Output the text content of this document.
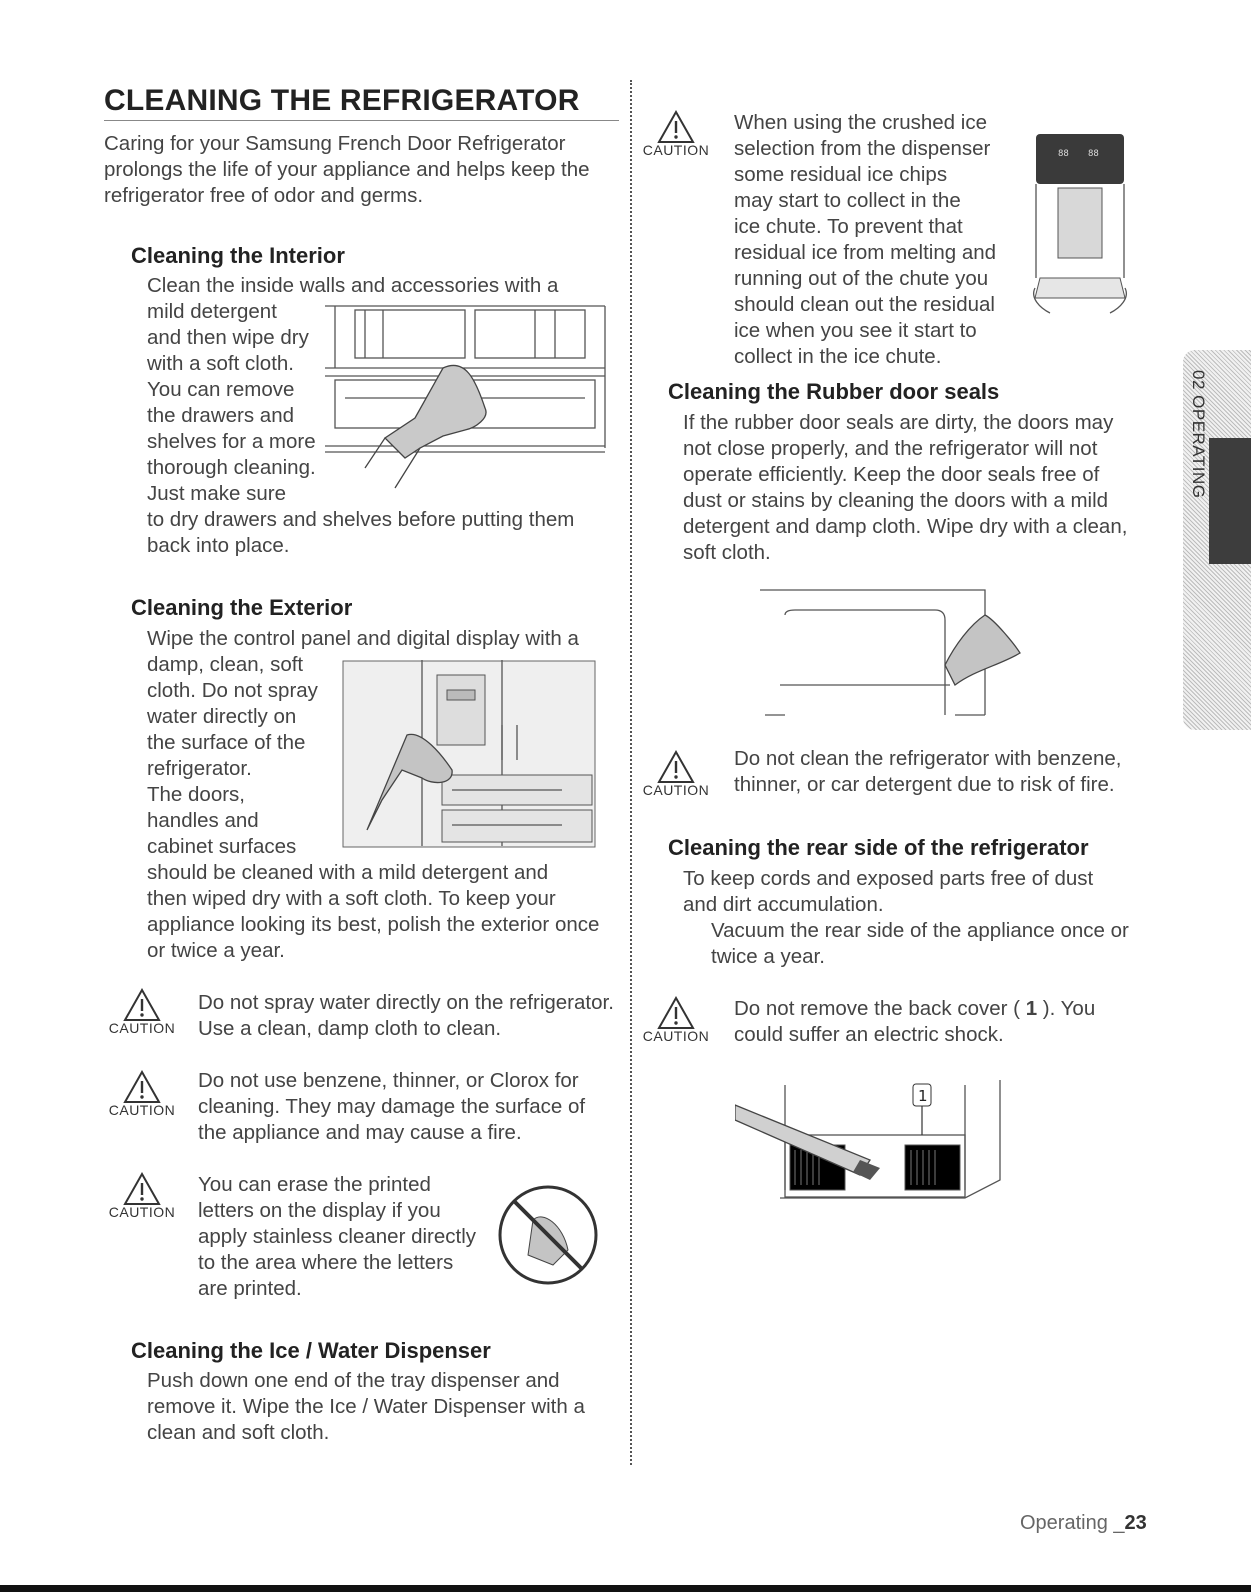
CLEANING THE REFRIGERATOR
Caring for your Samsung French Door Refrigerator
prolongs the life of your appliance and helps keep the
refrigerator free of odor and germs.
Cleaning the Interior
Clean the inside walls and accessories with a
mild detergent
and then wipe dry
with a soft cloth.
You can remove
the drawers and
shelves for a more
thorough cleaning.
Just make sure
to dry drawers and shelves before putting them
back into place.
Cleaning the Exterior
Wipe the control panel and digital display with a
damp, clean, soft
cloth. Do not spray
water directly on
the surface of the
refrigerator.
The doors,
handles and
cabinet surfaces
should be cleaned with a mild detergent and
then wiped dry with a soft cloth. To keep your
appliance looking its best, polish the exterior once
or twice a year.
CAUTION
Do not spray water directly on the refrigerator.
Use a clean, damp cloth to clean.
CAUTION
Do not use benzene, thinner, or Clorox for
cleaning. They may damage the surface of
the appliance and may cause a fire.
CAUTION
You can erase the printed
letters on the display if you
apply stainless cleaner directly
to the area where the letters
are printed.
Cleaning the Ice / Water Dispenser
Push down one end of the tray dispenser and
remove it. Wipe the Ice / Water Dispenser with a
clean and soft cloth.
CAUTION
When using the crushed ice
selection from the dispenser
some residual ice chips
may start to collect in the
ice chute. To prevent that
residual ice from melting and
running out of the chute you
should clean out the residual
ice when you see it start to
collect in the ice chute.
88 88
Cleaning the Rubber door seals
If the rubber door seals are dirty, the doors may
not close properly, and the refrigerator will not
operate efficiently. Keep the door seals free of
dust or stains by cleaning the doors with a mild
detergent and damp cloth. Wipe dry with a clean,
soft cloth.
CAUTION
Do not clean the refrigerator with benzene,
thinner, or car detergent due to risk of fire.
Cleaning the rear side of the refrigerator
To keep cords and exposed parts free of dust
and dirt accumulation.
Vacuum the rear side of the appliance once or
twice a year.
CAUTION
Do not remove the back cover ( 1 ). You
could suffer an electric shock.
1
02 OPERATING
Operating _23
